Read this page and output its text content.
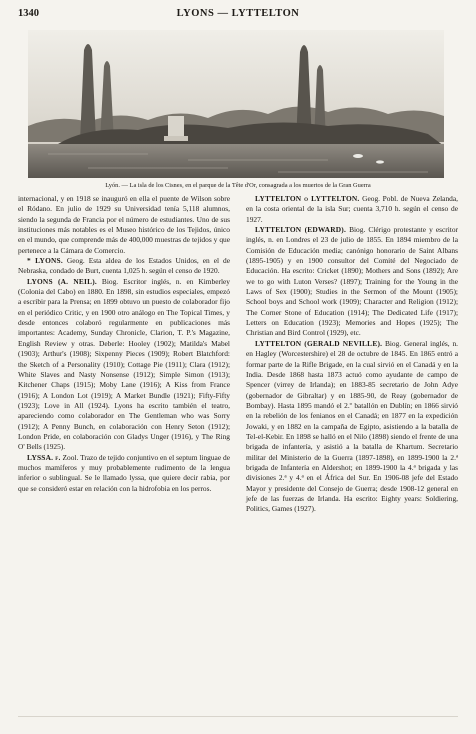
1340	LYONS — LYTTELTON
Lyón. — La isla de los Cisnes, en el parque de la Tête d'Or, consagrada a los muertos de la Gran Guerra

internacional, y en 1918 se inauguró en ella el puente de Wilson sobre el Ródano. En julio de 1929 su Universidad tenía 5,118 alumnos, siendo la segunda de Francia por el número de estudiantes. Uno de sus instituciones más notables es el Museo histórico de los Tejidos, único en el mundo, que comprende más de 400,000 muestras de tejidos y que pertenece a la Cámara de Comercio.

* LYONS. Geog. Esta aldea de los Estados Unidos, en el de Nebraska, condado de Burt, cuenta 1,025 h. según el censo de 1920.

LYONS (A. NEIL). Biog. Escritor inglés, n. en Kimberley (Colonia del Cabo) en 1880. En 1898, sin estudios especiales, empezó a escribir para la Prensa; en 1899 obtuvo un puesto de colaborador fijo en el periódico Critic, y en 1900 otro análogo en The Topical Times, y desde entonces colaboró regularmente en publicaciones más importantes: Academy, Sunday Chronicle, Clarion, T. P.'s Magazine, English Review y otras. Deberle: Hooley (1902); Matilda's Mabel (1903); Arthur's (1908); Sixpenny Pieces (1909); Robert Blatchford: the Sketch of a Personality (1910); Cottage Pie (1911); Clara (1912); White Slaves and Nasty Nonsense (1912); Simple Simon (1913); Kitchener Chaps (1915); Moby Lane (1916); A Kiss from France (1916); A London Lot (1919); A Market Bundle (1921); Fifty-Fifty (1923); Love in All (1924). Lyons ha escrito también el teatro, apareciendo como colaborador en The Gentleman who was Sorry (1912); A Penny Bunch, en colaboración con Henry Seton (1912); London Pride, en colaboración con Gladys Unger (1916), y The Ring O' Bells (1925).

LYSSA. f. Zool. Trazo de tejido conjuntivo en el septum linguae de muchos mamíferos y muy probablemente rudimento de la lengua inferior o sublingual. Se le llamado lyssa, que quiere decir rabia, por que se consideró estar en relación con la hidrofobia en los perros.

LYTTELTON o LYTTELTON. Geog. Pobl. de Nueva Zelanda, en la costa oriental de la isla Sur; cuenta 3,710 h. según el censo de 1927.

LYTTELTON (EDWARD). Biog. Clérigo protestante y escritor inglés, n. en Londres el 23 de julio de 1855. En 1894 miembro de la Comisión de Educación media; canónigo honorario de Saint Albans (1895-1905) y en 1900 consultor del Comité del Negociado de Educación. Ha escrito: Cricket (1890); Mothers and Sons (1892); Are we to go with Luton Verses? (1897); Training for the Young in the Laws of Sex (1900); Studies in the Sermon of the Mount (1905); School boys and School work (1909); Character and Religion (1912); The Corner Stone of Education (1914); The Dedicated Life (1917); Letters on Education (1923); Memories and Hopes (1925); The Christian and Bird Control (1929), etc.

LYTTELTON (GERALD NEVILLE). Biog. General inglés, n. en Hagley (Worcestershire) el 28 de octubre de 1845. En 1865 entró a formar parte de la Rifle Brigade, en la cual sirvió en el Canadá y en la India. Desde 1868 hasta 1873 actuó como ayudante de campo de Spencer (virrey de Irlanda); en 1883-85 secretario de John Adye (gobernador de Gibraltar) y en 1885-90, de Reay (gobernador de Bombay). Hasta 1895 mandó el 2.º batallón en Dublín; en 1866 sirvió en la rebelión de los fenianos en el Canadá; en 1877 en la expedición Jowaki, y en 1882 en la campaña de Egipto, asistiendo a la batalla de Tel-el-Kebir. En 1898 se halló en el Nilo (1898) siendo el frente de una brigada de infantería, y asistió a la batalla de Khartum. Secretario militar del Ministerio de la Guerra (1897-1898), en 1899-1900 la 2.ª brigada de Infantería en Aldershot; en 1899-1900 la 4.ª brigada y las divisiones 2.ª y 4.ª en el África del Sur. En 1906-08 jefe del Estado Mayor y presidente del Consejo de Guerra; desde 1908-12 general en jefe de las fuerzas de Irlanda. Ha escrito: Eighty years: Soldiering, Politics, Games (1927).
